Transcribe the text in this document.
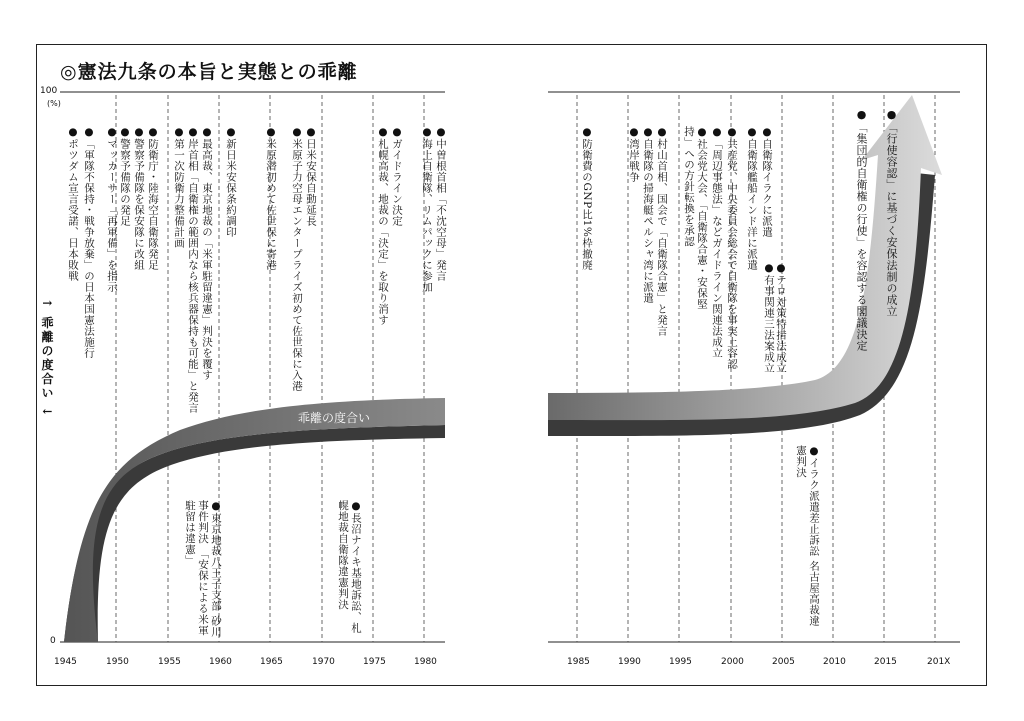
◎憲法九条の本旨と実態との乖離
100
(%)
0
↑ 乖離の度合い ↓	乖離の度合い
1945	1950	1955	1960	1965	1970	1975	1980	1985	1990	1995	2000	2005	2010	2015	201X
●ポツダム宣言受諾、日本敗戦 ●「軍隊不保持・戦争放棄」の日本国憲法施行 ●マッカーサー「再軍備」を指示 ●警察予備隊の発足 ●警察予備隊を保安隊に改組 ●防衛庁・陸海空自衛隊発足 ●第一次防衛力整備計画 ●岸首相「自衛権の範囲内なら核兵器保持も可能」と発言 ●最高裁、東京地裁の「米軍駐留違憲」判決を覆す ●新日米安保条約調印	●米原潜初めて佐世保に寄港 ●米原子力空母エンタープライズ初めて佐世保に入港 ●日米安保自動延長	●札幌高裁、地裁の「決定」を取り消す ●ガイドライン決定 ●海上自衛隊、リムパックに参加 ●中曽根首相「不沈空母」発言	●防衛費のGNP比1%枠撤廃	●湾岸戦争 ●自衛隊の掃海艇ペルシャ湾に派遣 ●村山首相、国会で「自衛隊合憲」と発言	●社会党大会、「自衛隊合憲・安保堅持」への方針転換を承認	●「周辺事態法」などガイドライン関連法成立 ●共産党、中央委員会総会で自衛隊を事実上容認 ●自衛隊艦船インド洋に派遣 ●自衛隊イラクに派遣
●テロ対策特措法成立
●有事関連三法案成立	●「集団的自衛権の行使」を容認する閣議決定 ●「行使容認」に基づく安保法制の成立
●東京地裁八王子支部 砂川事件判決 「安保による米軍駐留は違憲」	●長沼ナイキ基地訴訟、札幌地裁自衛隊違憲判決	●イラク派遣差止訴訟 名古屋高裁違憲判決
